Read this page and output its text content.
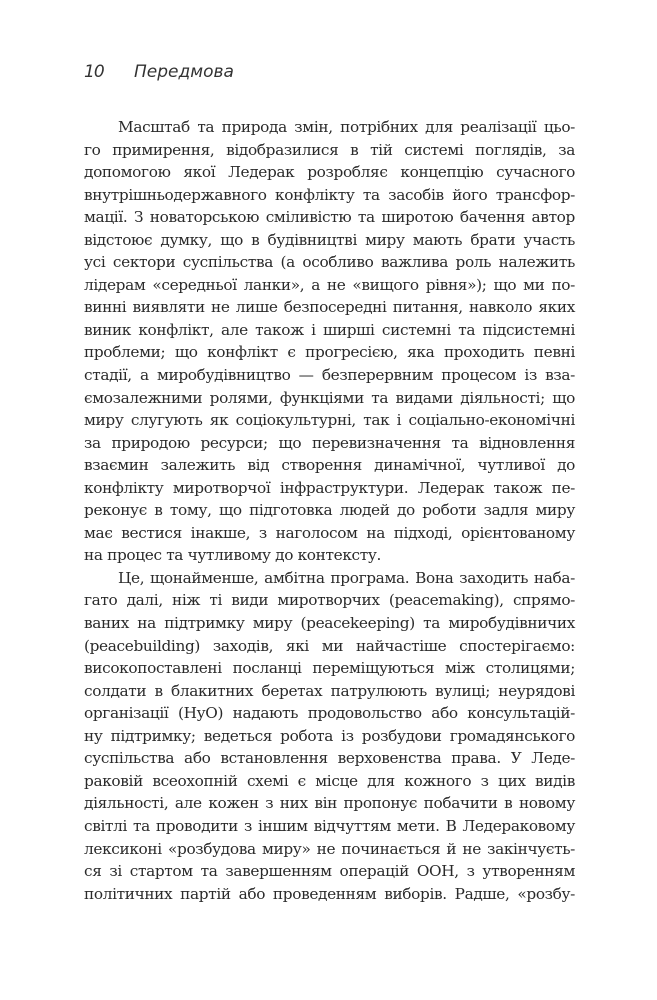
10 Передмова
Масштаб та природа змін, потрібних для реалізації цьо-
го примирення, відобразилися в тій системі поглядів, за
допомогою якої Ледерак розробляє концепцію сучасного
внутрішньодержавного конфлікту та засобів його трансфор-
мації. З новаторською сміливістю та широтою бачення автор
відстоює думку, що в будівництві миру мають брати участь
усі сектори суспільства (а особливо важлива роль належить
лідерам «середньої ланки», а не «вищого рівня»); що ми по-
винні виявляти не лише безпосередні питання, навколо яких
виник конфлікт, але також і ширші системні та підсистемні
проблеми; що конфлікт є прогресією, яка проходить певні
стадії, а миробудівництво — безперервним процесом із вза-
ємозалежними ролями, функціями та видами діяльності; що
миру слугують як соціокультурні, так і соціально-економічні
за природою ресурси; що перевизначення та відновлення
взаємин залежить від створення динамічної, чутливої до
конфлікту миротворчої інфраструктури. Ледерак також пе-
реконує в тому, що підготовка людей до роботи задля миру
має вестися інакше, з наголосом на підході, орієнтованому
на процес та чутливому до контексту.
Це, щонайменше, амбітна програма. Вона заходить наба-
гато далі, ніж ті види миротворчих (peacemaking), спрямо-
ваних на підтримку миру (peacekeeping) та миробудівничих
(peacebuilding) заходів, які ми найчастіше спостерігаємо:
високопоставлені посланці переміщуються між столицями;
солдати в блакитних беретах патрулюють вулиці; неурядові
організації (НуО) надають продовольство або консультацій-
ну підтримку; ведеться робота із розбудови громадянського
суспільства або встановлення верховенства права. У Леде-
раковій всеохопній схемі є місце для кожного з цих видів
діяльності, але кожен з них він пропонує побачити в новому
світлі та проводити з іншим відчуттям мети. В Ледераковому
лексиконі «розбудова миру» не починається й не закінчуєть-
ся зі стартом та завершенням операцій ООН, з утворенням
політичних партій або проведенням виборів. Радше, «розбу-
